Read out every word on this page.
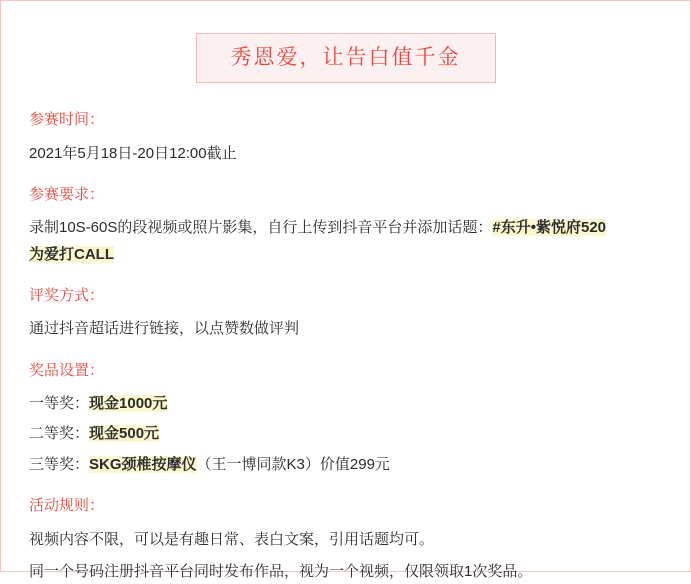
秀恩爱，让告白值千金
参赛时间：
2021年5月18日-20日12:00截止
参赛要求：
录制10S-60S的段视频或照片影集，自行上传到抖音平台并添加话题：#东升•紫悦府520
为爱打CALL
评奖方式：
通过抖音超话进行链接，以点赞数做评判
奖品设置：
一等奖：现金1000元
二等奖：现金500元
三等奖：SKG颈椎按摩仪（王一博同款K3）价值299元
活动规则：
视频内容不限，可以是有趣日常、表白文案，引用话题均可。
同一个号码注册抖音平台同时发布作品，视为一个视频，仅限领取1次奖品。
